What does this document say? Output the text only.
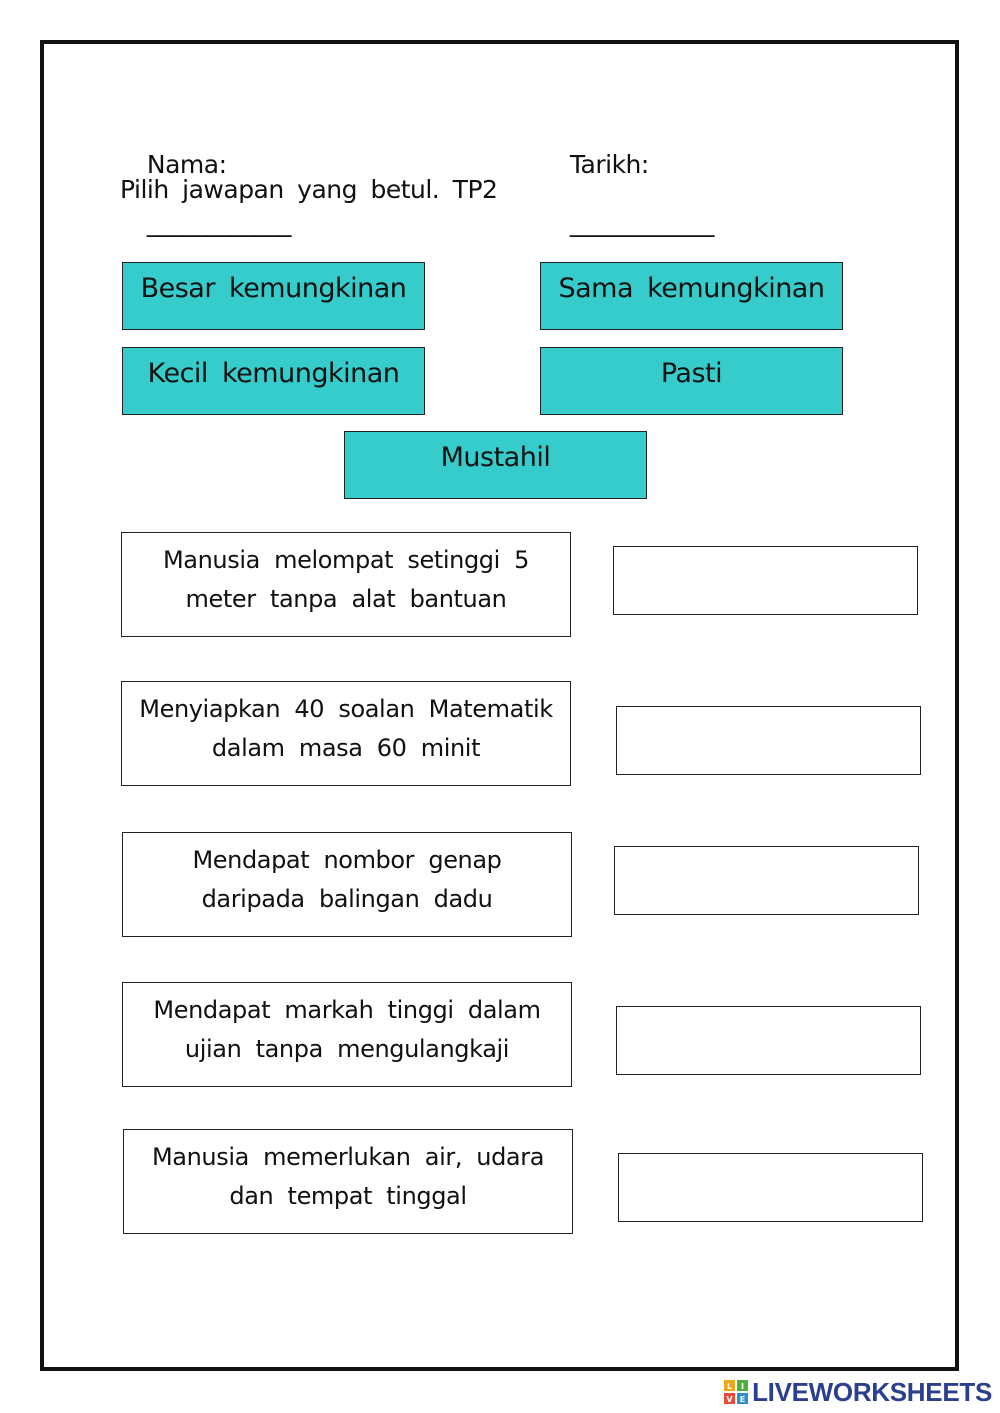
Nama:

____________

Tarikh:

____________

Pilih jawapan yang betul. TP2
Besar kemungkinan	Sama kemungkinan
Kecil kemungkinan	Pasti
Mustahil
Manusia melompat setinggi 5 meter tanpa alat bantuan
Menyiapkan 40 soalan Matematik dalam masa 60 minit
Mendapat nombor genap daripada balingan dadu
Mendapat markah tinggi dalam ujian tanpa mengulangkaji
Manusia memerlukan air, udara dan tempat tinggal
L I
V E LIVEWORKSHEETS
